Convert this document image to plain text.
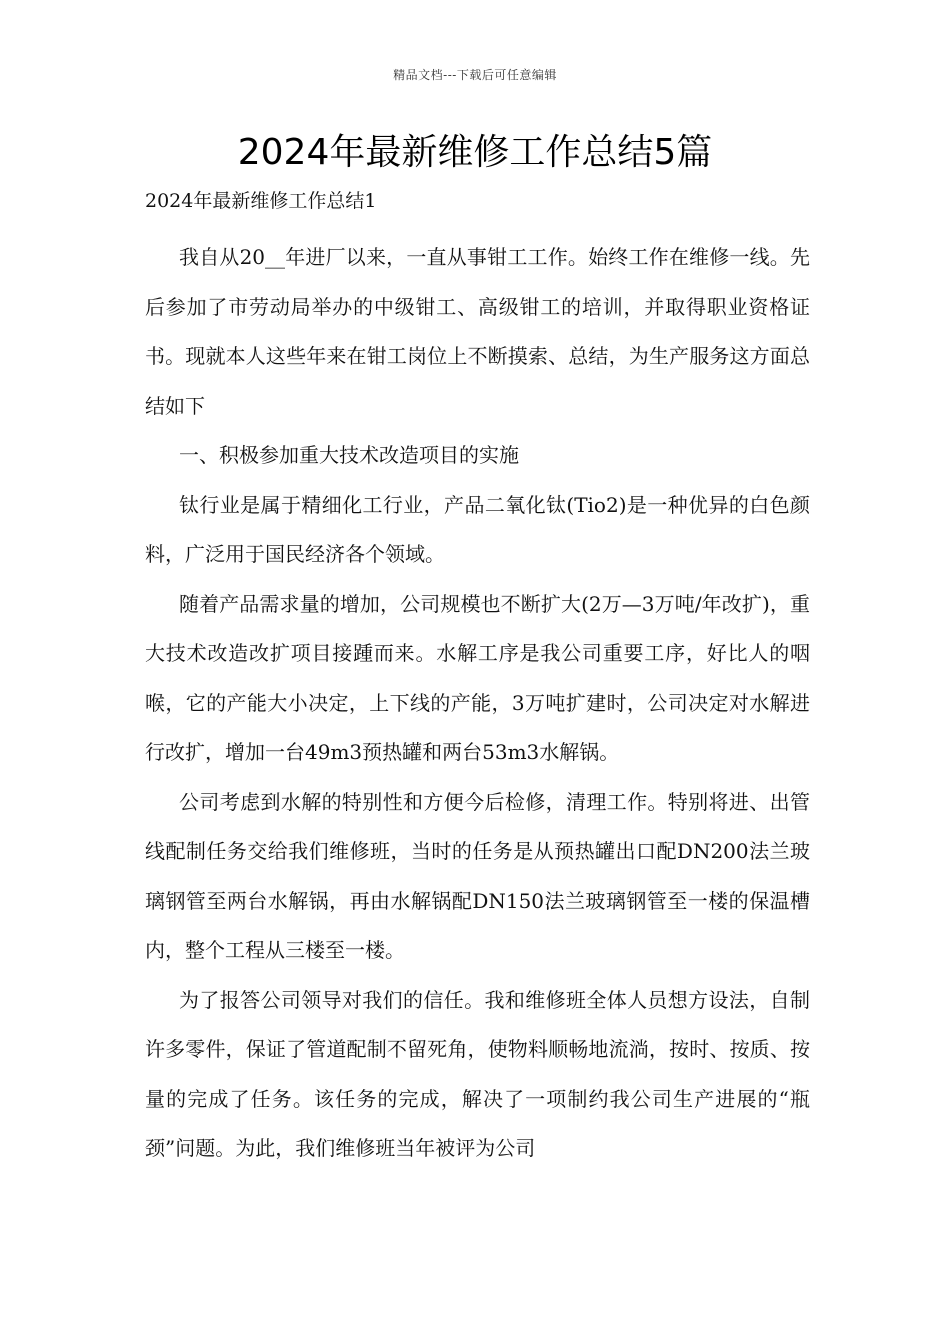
精品文档---下载后可任意编辑
2024年最新维修工作总结5篇

2024年最新维修工作总结1

我自从20__年进厂以来，一直从事钳工工作。始终工作在维修一线。先后参加了市劳动局举办的中级钳工、高级钳工的培训，并取得职业资格证书。现就本人这些年来在钳工岗位上不断摸索、总结，为生产服务这方面总结如下

一、积极参加重大技术改造项目的实施

钛行业是属于精细化工行业，产品二氧化钛(Tio2)是一种优异的白色颜料，广泛用于国民经济各个领域。

随着产品需求量的增加，公司规模也不断扩大(2万—3万吨/年改扩)，重大技术改造改扩项目接踵而来。水解工序是我公司重要工序，好比人的咽喉，它的产能大小决定，上下线的产能，3万吨扩建时，公司决定对水解进行改扩，增加一台49m3预热罐和两台53m3水解锅。

公司考虑到水解的特别性和方便今后检修，清理工作。特别将进、出管线配制任务交给我们维修班，当时的任务是从预热罐出口配DN200法兰玻璃钢管至两台水解锅，再由水解锅配DN150法兰玻璃钢管至一楼的保温槽内，整个工程从三楼至一楼。

为了报答公司领导对我们的信任。我和维修班全体人员想方设法，自制许多零件，保证了管道配制不留死角，使物料顺畅地流淌，按时、按质、按量的完成了任务。该任务的完成，解决了一项制约我公司生产进展的“瓶颈”问题。为此，我们维修班当年被评为公司
